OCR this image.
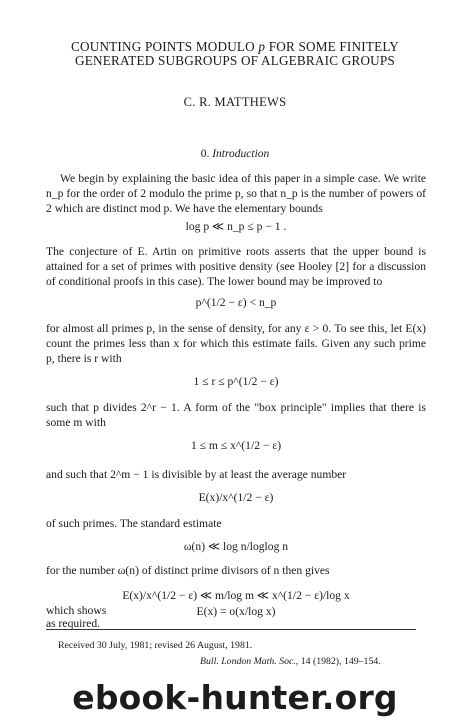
COUNTING POINTS MODULO p FOR SOME FINITELY
GENERATED SUBGROUPS OF ALGEBRAIC GROUPS
C. R. MATTHEWS
0. Introduction
We begin by explaining the basic idea of this paper in a simple case. We write n_p for the order of 2 modulo the prime p, so that n_p is the number of powers of 2 which are distinct mod p. We have the elementary bounds
log p ≪ n_p ≤ p − 1 .
The conjecture of E. Artin on primitive roots asserts that the upper bound is attained for a set of primes with positive density (see Hooley [2] for a discussion of conditional proofs in this case). The lower bound may be improved to
p^(1/2 − ε) < n_p
for almost all primes p, in the sense of density, for any ε > 0. To see this, let E(x) count the primes less than x for which this estimate fails. Given any such prime p, there is r with
1 ≤ r ≤ p^(1/2 − ε)
such that p divides 2^r − 1. A form of the "box principle" implies that there is some m with
1 ≤ m ≤ x^(1/2 − ε)
and such that 2^m − 1 is divisible by at least the average number
E(x)/x^(1/2 − ε)
of such primes. The standard estimate
ω(n) ≪ log n/loglog n
for the number ω(n) of distinct prime divisors of n then gives
E(x)/x^(1/2 − ε) ≪ m/log m ≪ x^(1/2 − ε)/log x
which shows	E(x) = o(x/log x)
as required.
Received 30 July, 1981; revised 26 August, 1981.
Bull. London Math. Soc., 14 (1982), 149–154.
ebook-hunter.org
